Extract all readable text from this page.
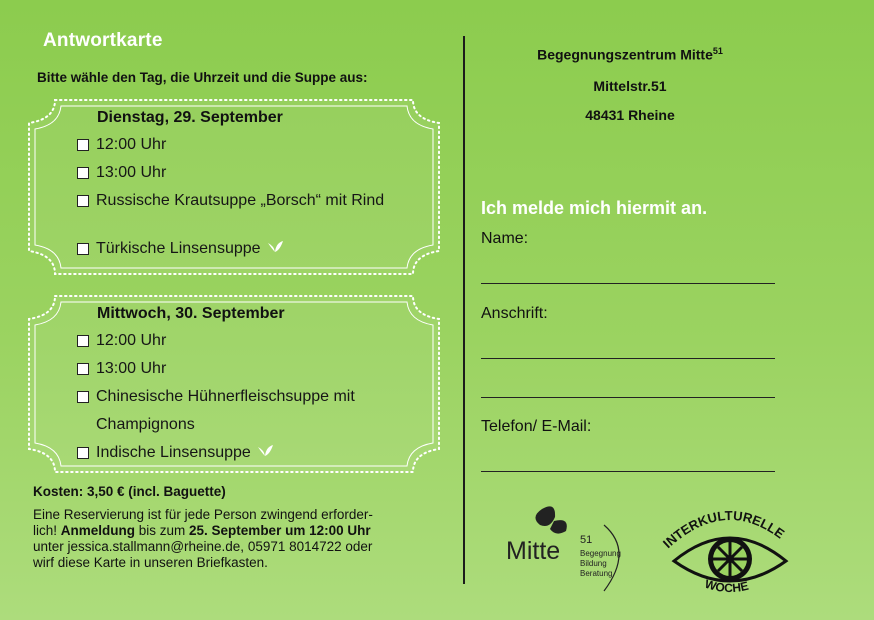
Antwortkarte
Bitte wähle den Tag, die Uhrzeit und die Suppe aus:
Dienstag, 29. September
12:00 Uhr
13:00 Uhr
Russische Krautsuppe „Borsch“ mit Rind
Türkische Linsensuppe
Mittwoch, 30. September
12:00 Uhr
13:00 Uhr
Chinesische Hühnerfleischsuppe mit
Champignons
Indische Linsensuppe
Kosten: 3,50 € (incl. Baguette)
Eine Reservierung ist für jede Person zwingend erforder-
lich! Anmeldung bis zum 25. September um 12:00 Uhr
unter jessica.stallmann@rheine.de, 05971 8014722 oder
wirf diese Karte in unseren Briefkasten.
Begegnungszentrum Mitte$^{51}$
Mittelstr.51
48431 Rheine
Ich melde mich hiermit an.
Name:
Anschrift:
Telefon/ E-Mail:
Mitte 51
Begegnung
Bildung
Beratung
INTERKULTURELLE
WOCHE
